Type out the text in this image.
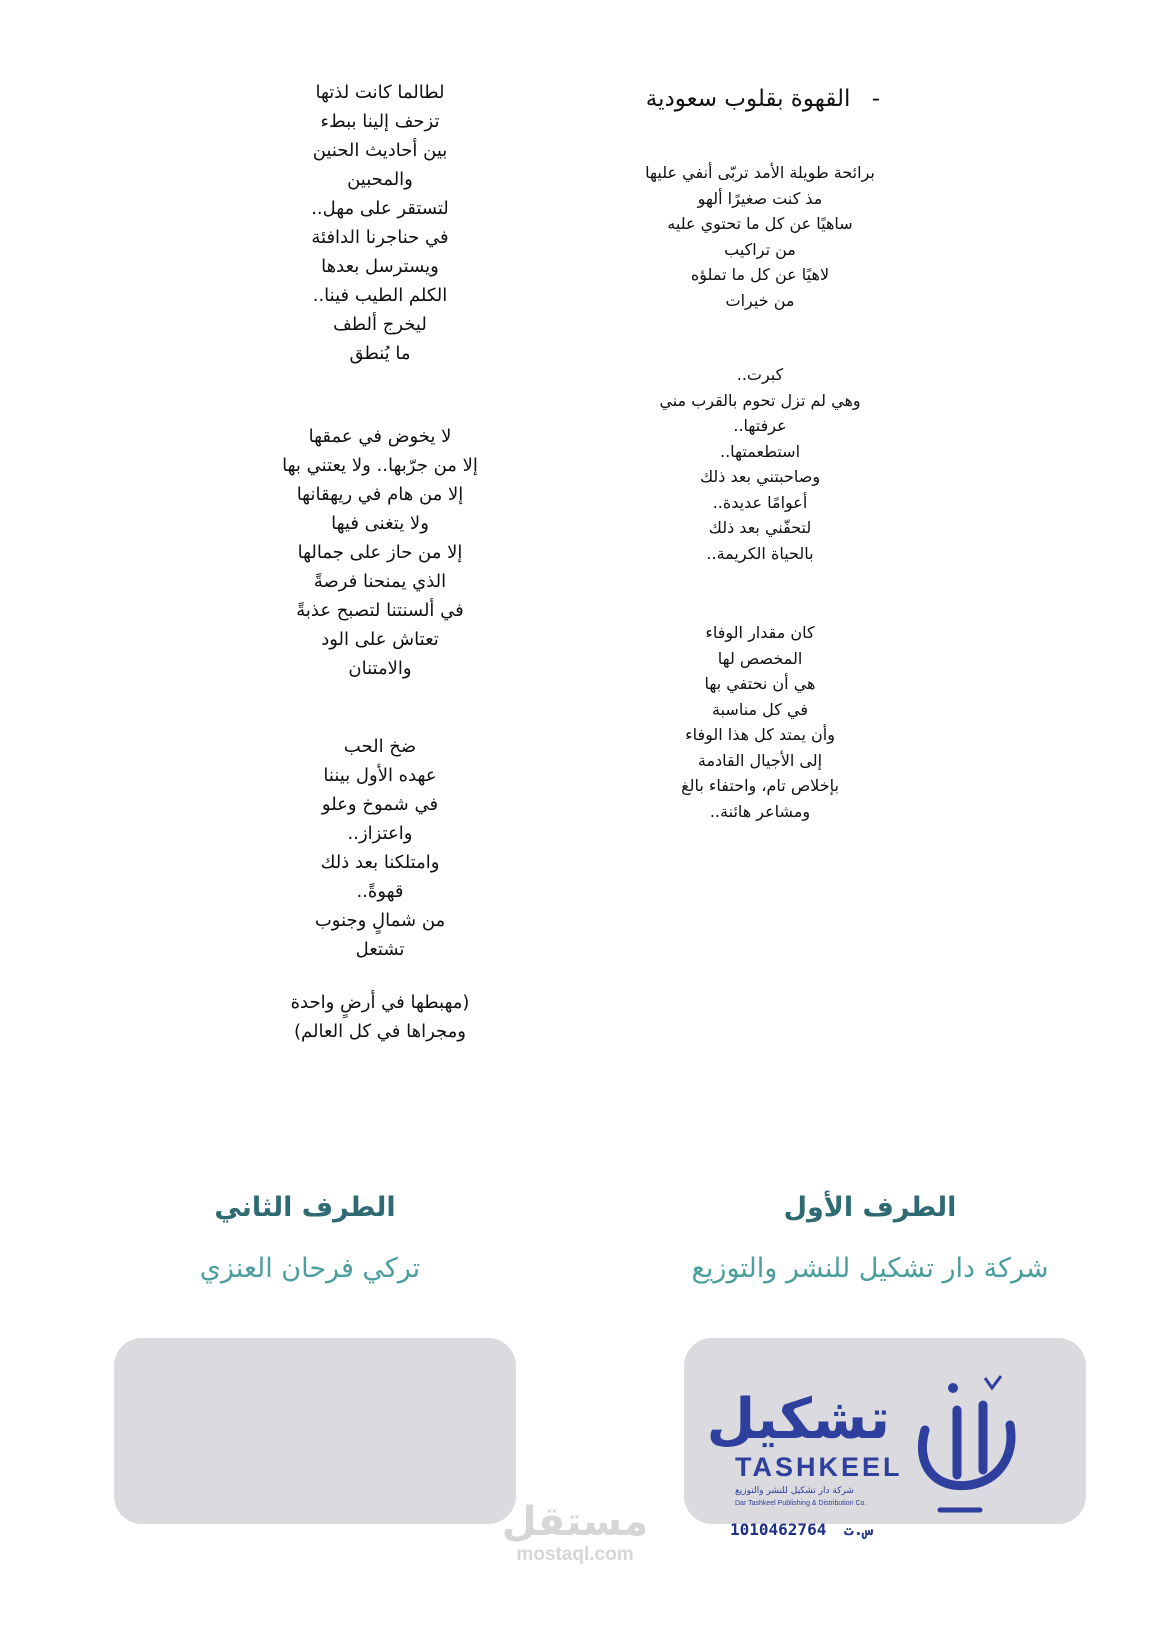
- القهوة بقلوب سعودية
برائحة طويلة الأمد تربّى أنفي عليها
مذ كنت صغيرًا ألهو
ساهيًا عن كل ما تحتوي عليه
من تراكيب
لاهيًا عن كل ما تملؤه
من خيرات
كبرت..
وهي لم تزل تحوم بالقرب مني
عرفتها..
استطعمتها..
وصاحبتني بعد ذلك
أعوامًا عديدة..
لتحفّني بعد ذلك
بالحياة الكريمة..
كان مقدار الوفاء
المخصص لها
هي أن نحتفي بها
في كل مناسبة
وأن يمتد كل هذا الوفاء
إلى الأجيال القادمة
بإخلاص تام، واحتفاء بالغ
ومشاعر هائنة..
لطالما كانت لذتها
تزحف إلينا ببطء
بين أحاديث الحنين
والمحبين
لتستقر على مهل..
في حناجرنا الدافئة
ويسترسل بعدها
الكلم الطيب فينا..
ليخرج ألطف
ما يُنطق
لا يخوض في عمقها
إلا من جرّبها.. ولا يعتني بها
إلا من هام في ريهقانها
ولا يتغنى فيها
إلا من حاز على جمالها
الذي يمنحنا فرصةً
في ألسنتنا لتصبح عذبةً
تعتاش على الود
والامتنان
ضخ الحب
عهده الأول بيننا
في شموخ وعلو
واعتزاز..
وامتلكنا بعد ذلك
قهوةً..
من شمالٍ وجنوب
تشتعل
(مهبطها في أرضٍ واحدة
ومجراها في كل العالم)
الطرف الأول
الطرف الثاني
شركة دار تشكيل للنشر والتوزيع
تركي فرحان العنزي
تشكيل
TASHKEEL
شركة دار تشكيل للنشر والتوزيع
Dar Tashkeel Publishing & Distribution Co.
1010462764 س.ت
مستقل
mostaql.com
